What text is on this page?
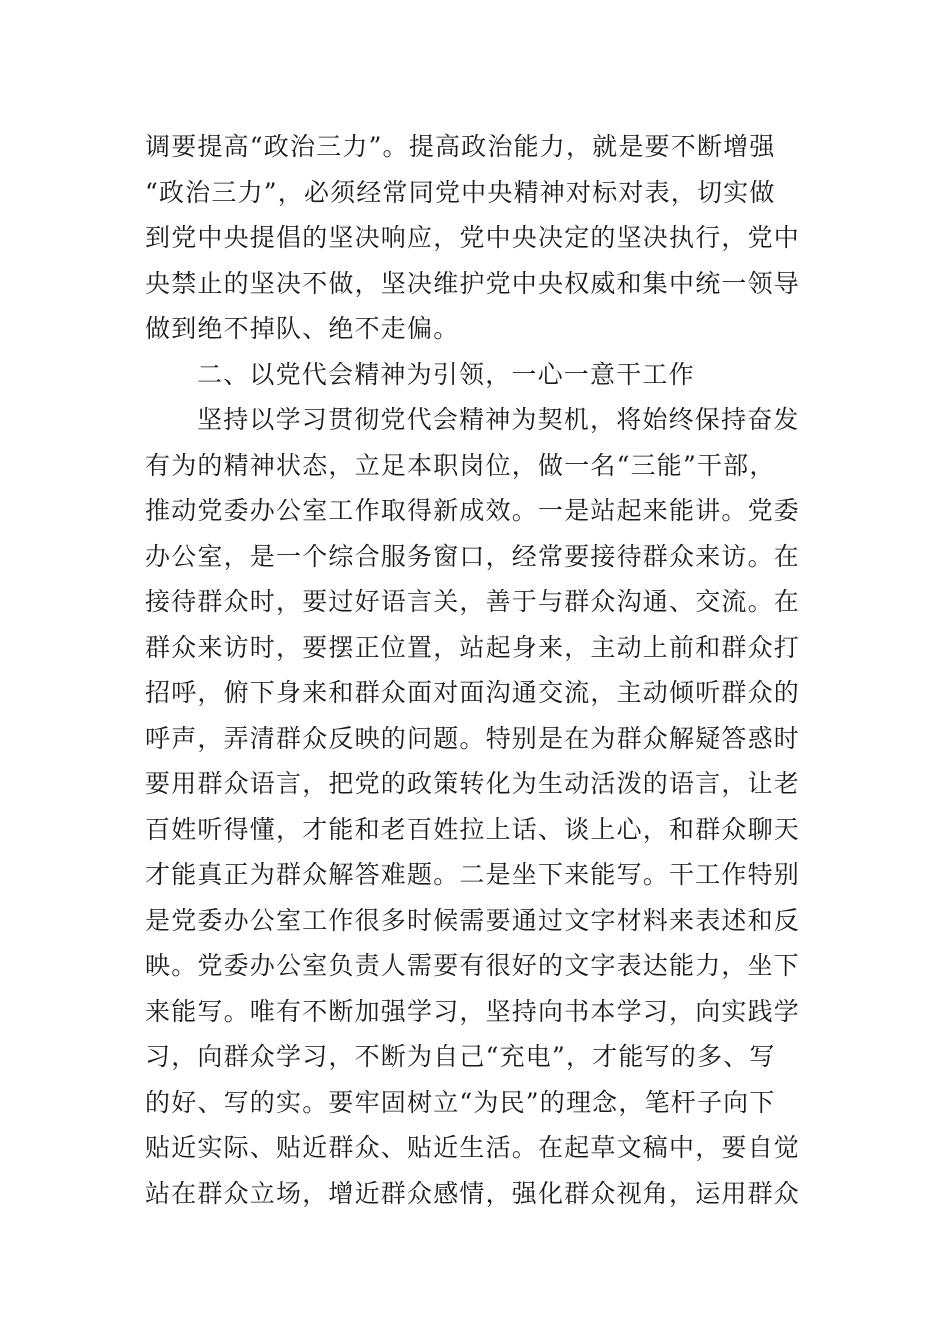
调要提高“政治三力”。提高政治能力，就是要不断增强
“政治三力”，必须经常同党中央精神对标对表，切实做
到党中央提倡的坚决响应，党中央决定的坚决执行，党中
央禁止的坚决不做，坚决维护党中央权威和集中统一领导
做到绝不掉队、绝不走偏。
二、以党代会精神为引领，一心一意干工作
坚持以学习贯彻党代会精神为契机，将始终保持奋发
有为的精神状态，立足本职岗位，做一名“三能”干部，
推动党委办公室工作取得新成效。一是站起来能讲。党委
办公室，是一个综合服务窗口，经常要接待群众来访。在
接待群众时，要过好语言关，善于与群众沟通、交流。在
群众来访时，要摆正位置，站起身来，主动上前和群众打
招呼，俯下身来和群众面对面沟通交流，主动倾听群众的
呼声，弄清群众反映的问题。特别是在为群众解疑答惑时
要用群众语言，把党的政策转化为生动活泼的语言，让老
百姓听得懂，才能和老百姓拉上话、谈上心，和群众聊天
才能真正为群众解答难题。二是坐下来能写。干工作特别
是党委办公室工作很多时候需要通过文字材料来表述和反
映。党委办公室负责人需要有很好的文字表达能力，坐下
来能写。唯有不断加强学习，坚持向书本学习，向实践学
习，向群众学习，不断为自己“充电”，才能写的多、写
的好、写的实。要牢固树立“为民”的理念，笔杆子向下
贴近实际、贴近群众、贴近生活。在起草文稿中，要自觉
站在群众立场，增近群众感情，强化群众视角，运用群众
